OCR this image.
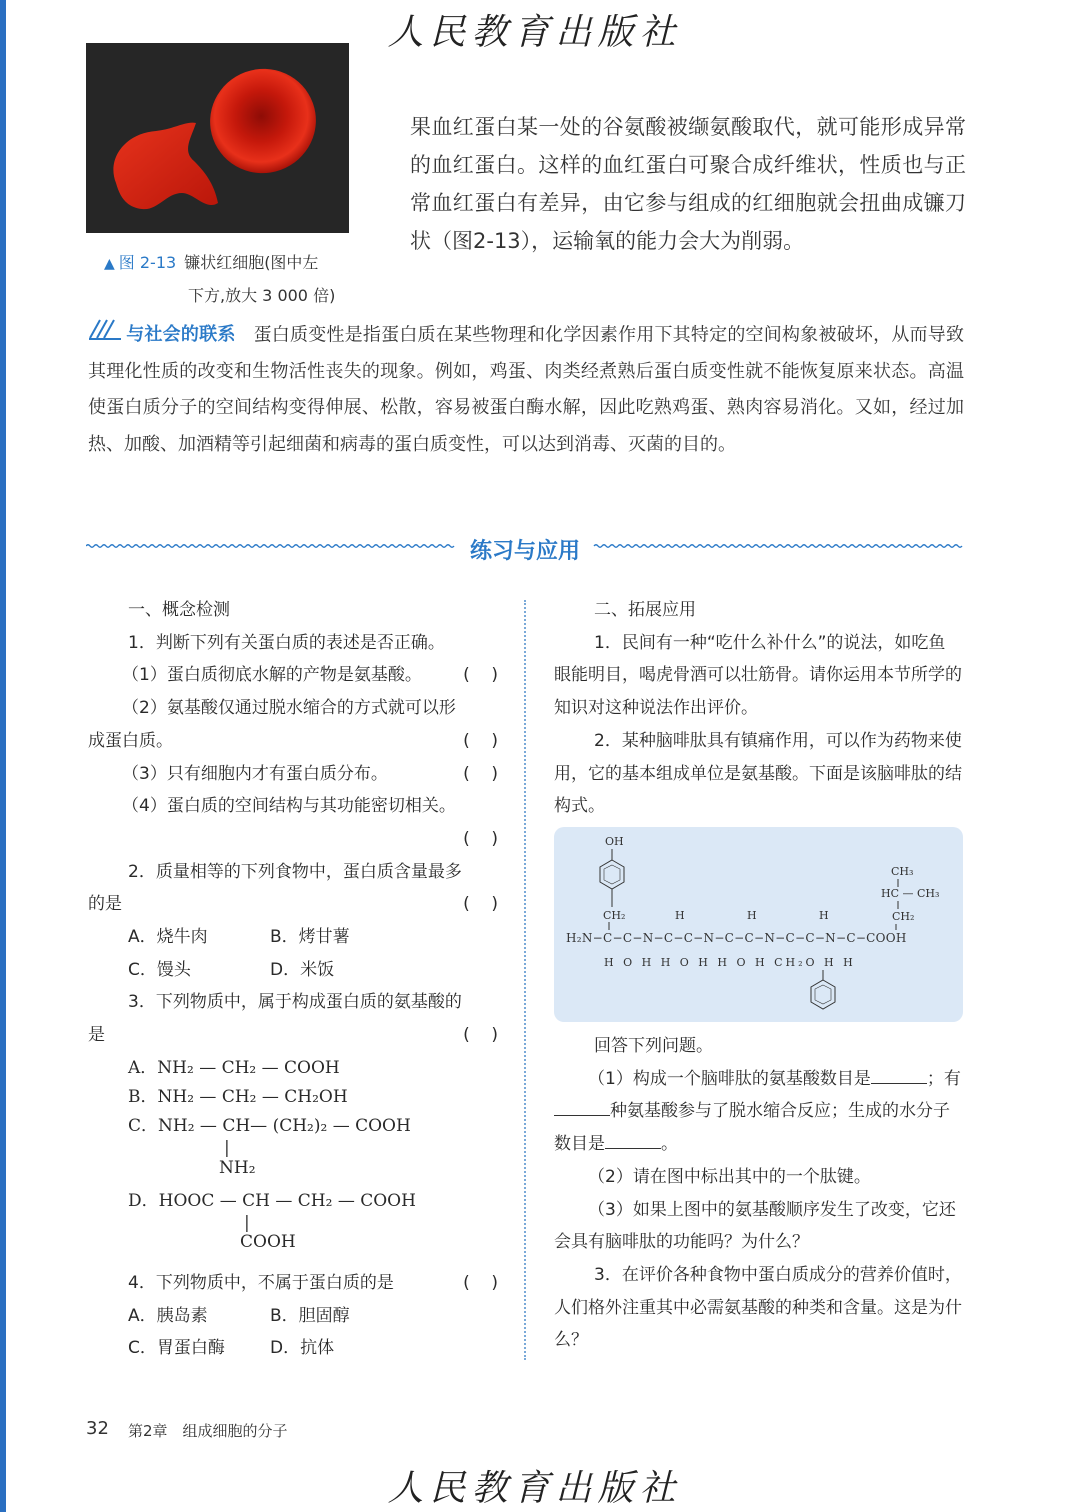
人民教育出版社
▲ 图 2-13 镰状红细胞(图中左
下方,放大 3 000 倍)
果血红蛋白某一处的谷氨酸被缬氨酸取代，就可能形成异常的血红蛋白。这样的血红蛋白可聚合成纤维状，性质也与正常血红蛋白有差异，由它参与组成的红细胞就会扭曲成镰刀状（图2-13），运输氧的能力会大为削弱。
与社会的联系 蛋白质变性是指蛋白质在某些物理和化学因素作用下其特定的空间构象被破坏，从而导致其理化性质的改变和生物活性丧失的现象。例如，鸡蛋、肉类经煮熟后蛋白质变性就不能恢复原来状态。高温使蛋白质分子的空间结构变得伸展、松散，容易被蛋白酶水解，因此吃熟鸡蛋、熟肉容易消化。又如，经过加热、加酸、加酒精等引起细菌和病毒的蛋白质变性，可以达到消毒、灭菌的目的。
练习与应用

一、概念检测

1．判断下列有关蛋白质的表述是否正确。

（1）蛋白质彻底水解的产物是氨基酸。 (    )

（2）氨基酸仅通过脱水缩合的方式就可以形

成蛋白质。	(    )
（3）只有细胞内才有蛋白质分布。	(    )

（4）蛋白质的空间结构与其功能密切相关。

(    )

2．质量相等的下列食物中，蛋白质含量最多

的是	(    )
A．烧牛肉	B．烤甘薯
C．馒头	D．米饭

3．下列物质中，属于构成蛋白质的氨基酸的

是	(    )

A．NH₂ — CH₂ — COOH

B．NH₂ — CH₂ — CH₂OH

C．NH₂ — CH— (CH₂)₂ — COOH

|

NH₂

D．HOOC — CH — CH₂ — COOH

|

COOH

4．下列物质中，不属于蛋白质的是	(    )
A．胰岛素	B．胆固醇
C．胃蛋白酶	D．抗体

二、拓展应用

1．民间有一种“吃什么补什么”的说法，如吃鱼眼能明目，喝虎骨酒可以壮筋骨。请你运用本节所学的知识对这种说法作出评价。

2．某种脑啡肽具有镇痛作用，可以作为药物来使用，它的基本组成单位是氨基酸。下面是该脑啡肽的结构式。

OH
CH₂
CH₃
HC — CH₃
CH₂
H	H	H
H₂N−C−C−N−C−C−N−C−C−N−C−C−N−C−COOH
H O H H O H H O H CH₂O H H

回答下列问题。

（1）构成一个脑啡肽的氨基酸数目是	；有种氨基酸参与了脱水缩合反应；生成的水分子数目是	。

（2）请在图中标出其中的一个肽键。

（3）如果上图中的氨基酸顺序发生了改变，它还会具有脑啡肽的功能吗？为什么？

3．在评价各种食物中蛋白质成分的营养价值时，人们格外注重其中必需氨基酸的种类和含量。这是为什么？

32 第2章　组成细胞的分子
人民教育出版社
